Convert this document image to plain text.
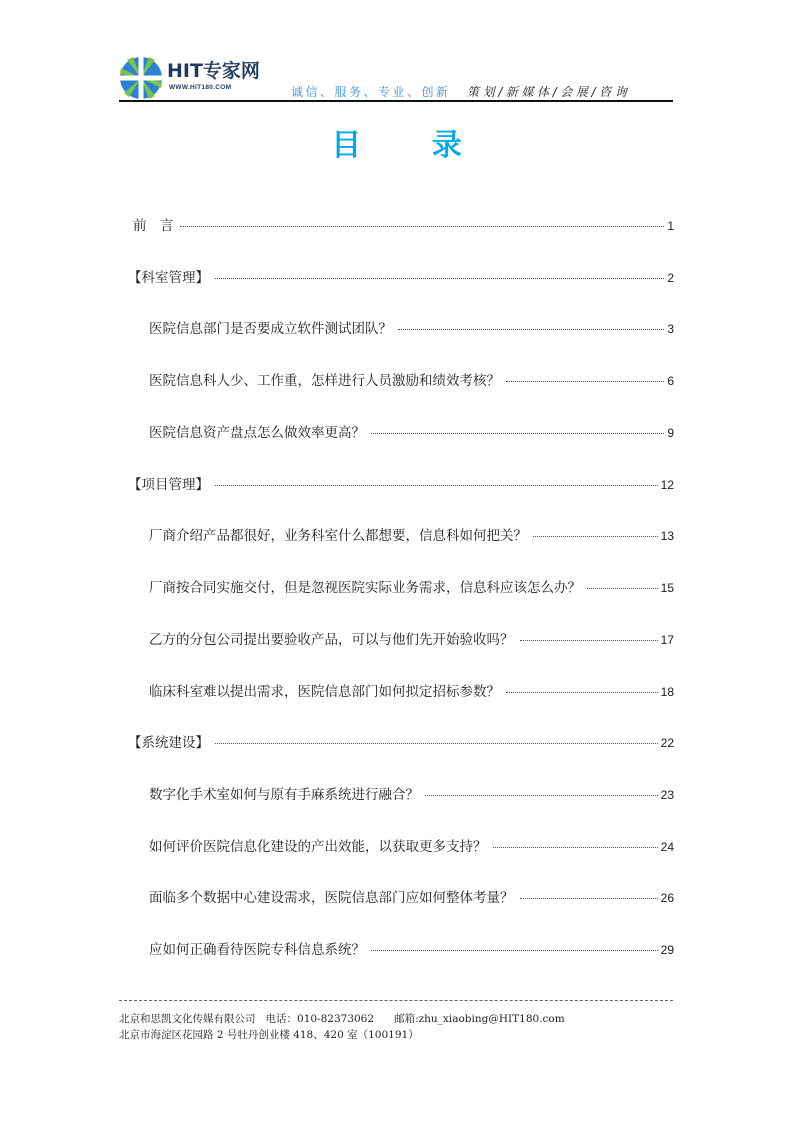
HIT专家网
WWW.HIT180.COM	诚信、服务、专业、创新 策划/新媒体/会展/咨询
目 录
前　言	1
【科室管理】	2
医院信息部门是否要成立软件测试团队？	3
医院信息科人少、工作重，怎样进行人员激励和绩效考核？	6
医院信息资产盘点怎么做效率更高？	9
【项目管理】	12
厂商介绍产品都很好，业务科室什么都想要，信息科如何把关？	13
厂商按合同实施交付，但是忽视医院实际业务需求，信息科应该怎么办？	15
乙方的分包公司提出要验收产品，可以与他们先开始验收吗？	17
临床科室难以提出需求，医院信息部门如何拟定招标参数？	18
【系统建设】	22
数字化手术室如何与原有手麻系统进行融合？	23
如何评价医院信息化建设的产出效能，以获取更多支持？	24
面临多个数据中心建设需求，医院信息部门应如何整体考量？	26
应如何正确看待医院专科信息系统？	29
北京和思凯文化传媒有限公司   电话：010-82373062      邮箱:zhu_xiaobing@HIT180.com
北京市海淀区花园路 2 号牡丹创业楼 418、420 室（100191）
